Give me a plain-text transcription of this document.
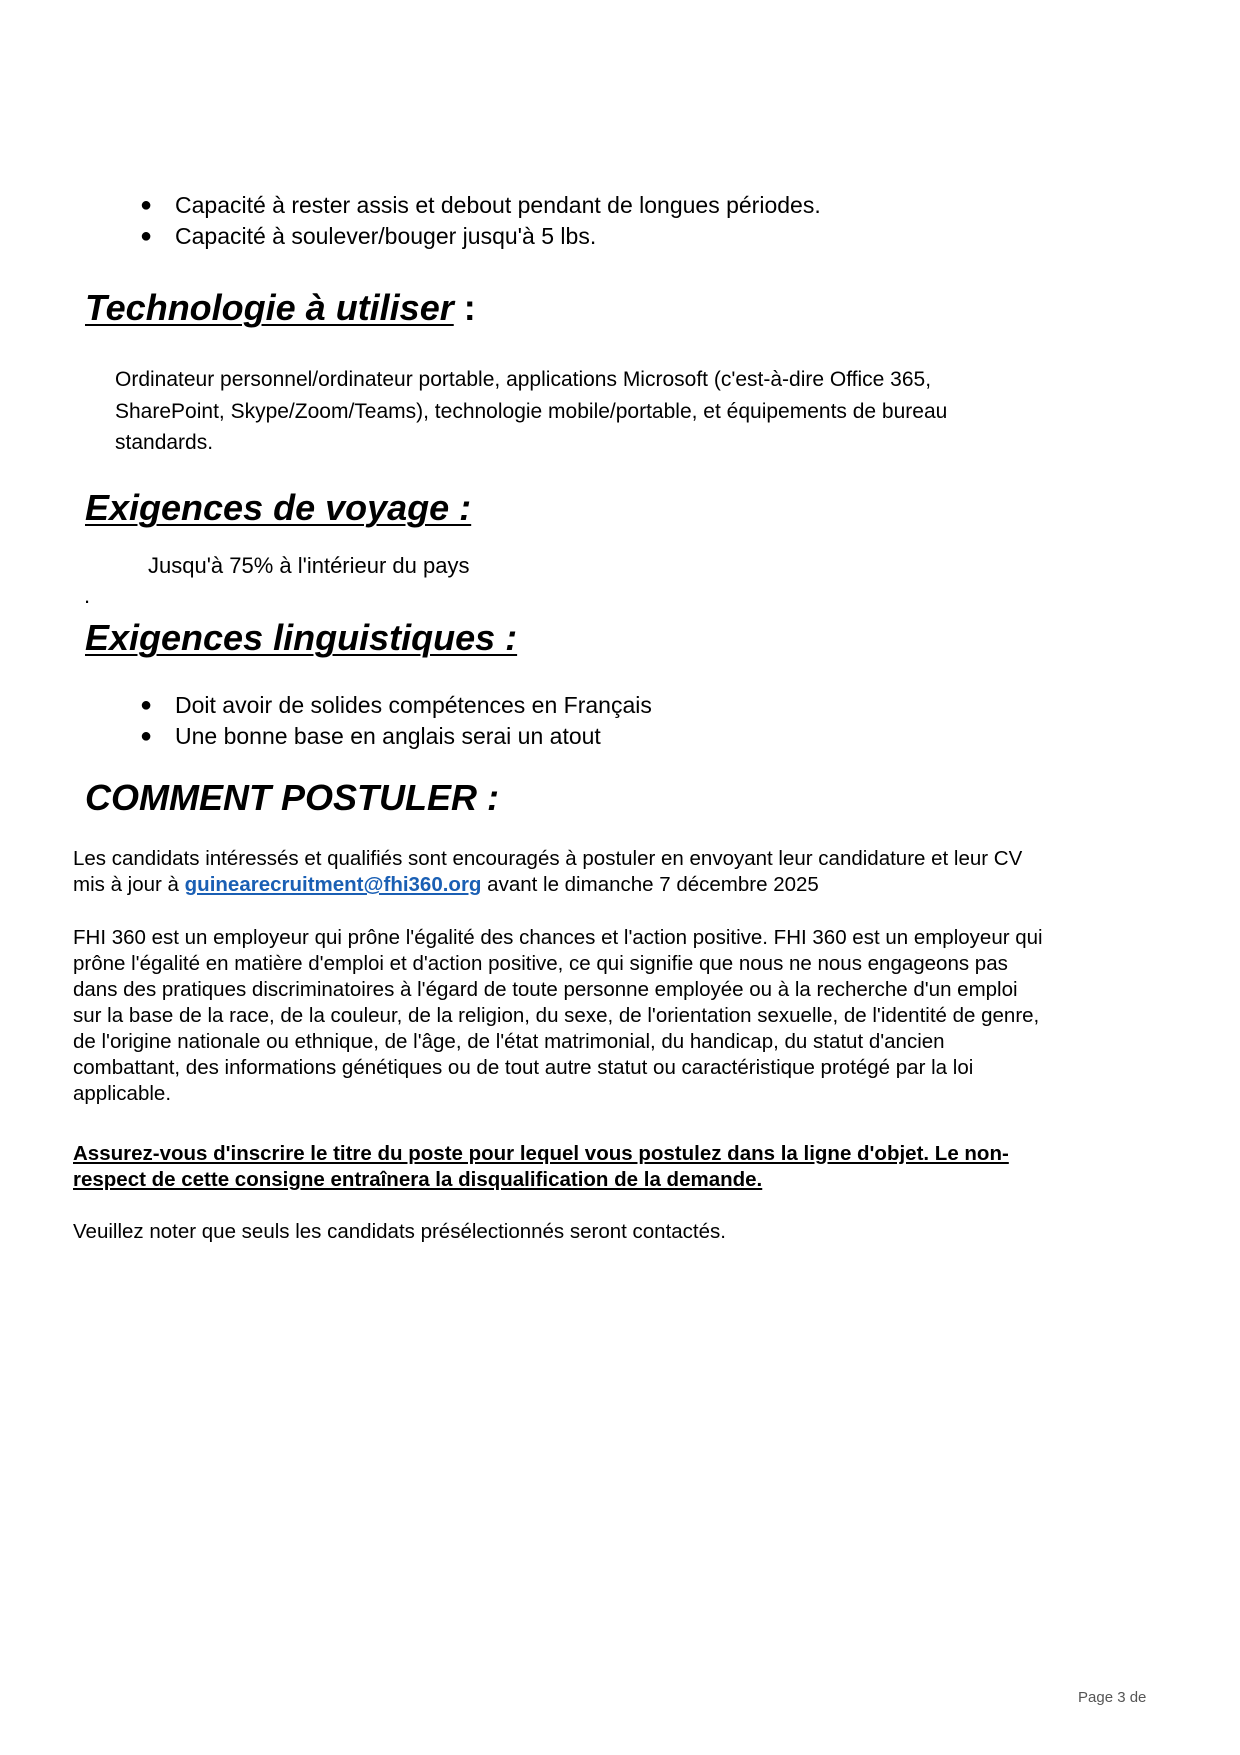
● Capacité à rester assis et debout pendant de longues périodes.
● Capacité à soulever/bouger jusqu'à 5 lbs.
Technologie à utiliser :
Ordinateur personnel/ordinateur portable, applications Microsoft (c'est-à-dire Office 365,
SharePoint, Skype/Zoom/Teams), technologie mobile/portable, et équipements de bureau
standards.
Exigences de voyage :
Jusqu'à 75% à l'intérieur du pays
.
Exigences linguistiques :
● Doit avoir de solides compétences en Français
● Une bonne base en anglais serai un atout
COMMENT POSTULER :
Les candidats intéressés et qualifiés sont encouragés à postuler en envoyant leur candidature et leur CV
mis à jour à guinearecruitment@fhi360.org avant le dimanche 7 décembre 2025
FHI 360 est un employeur qui prône l'égalité des chances et l'action positive. FHI 360 est un employeur qui
prône l'égalité en matière d'emploi et d'action positive, ce qui signifie que nous ne nous engageons pas
dans des pratiques discriminatoires à l'égard de toute personne employée ou à la recherche d'un emploi
sur la base de la race, de la couleur, de la religion, du sexe, de l'orientation sexuelle, de l'identité de genre,
de l'origine nationale ou ethnique, de l'âge, de l'état matrimonial, du handicap, du statut d'ancien
combattant, des informations génétiques ou de tout autre statut ou caractéristique protégé par la loi
applicable.
Assurez-vous d'inscrire le titre du poste pour lequel vous postulez dans la ligne d'objet. Le non-
respect de cette consigne entraînera la disqualification de la demande.
Veuillez noter que seuls les candidats présélectionnés seront contactés.
Page 3 de
